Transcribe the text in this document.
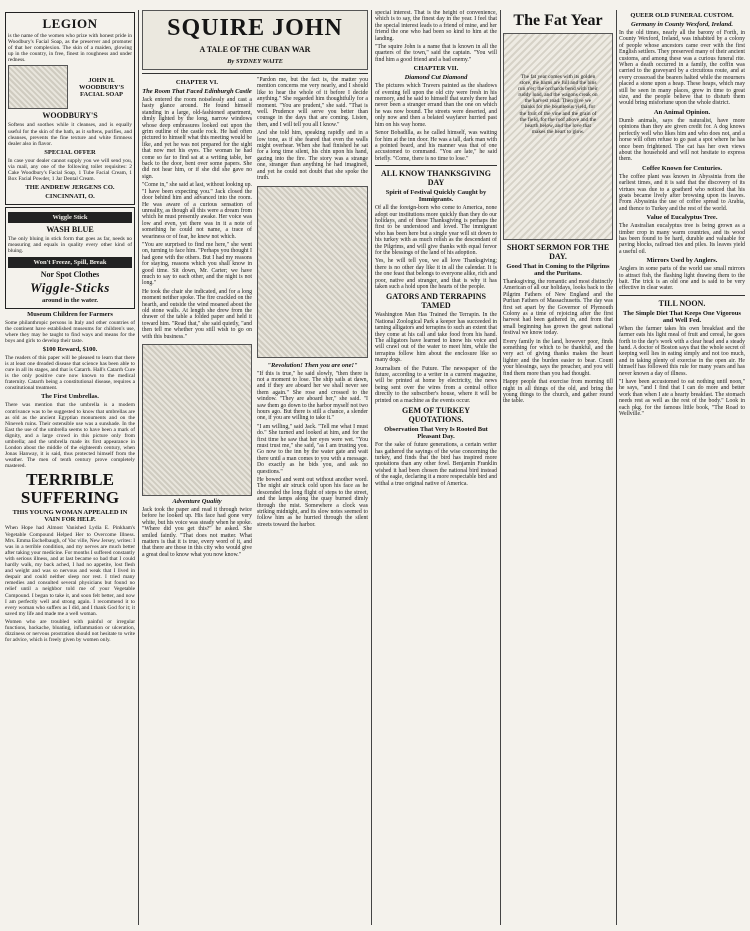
LEGION

is the name of the women who prize with honest pride in Woodbury's Facial Soap, as the preserver and promoter of that her complexion. The skin of a maiden, glowing up in the country, in free, finest in roughness and under redness.

JOHN H. WOODBURY'S FACIAL SOAP
WOODBURY'S

Softens and soothes while it cleanses, and is equally useful for the skin of the bath, as it softens, purifies, and cleanses, prevents the fine texture and white firmness dealer also in flavor.

SPECIAL OFFER

In case your dealer cannot supply you we will send you, via mail, any one of the following toilet requisites: 2 Cake Woodbury's Facial Soap, 1 Tube Facial Cream, 1 Box Facial Powder, 1 Jar Dental Cream.

THE ANDREW JERGENS CO.
CINCINNATI, O.
Wiggle Stick
WASH BLUE

The only bluing in stick form that goes as far, needs no measuring and equals in quality every other kind of bluing.

Won't Freeze, Spill, Break
Nor Spot Clothes
Wiggle-Sticks
around in the water.
Museum Children for Farmers

Some philanthropic persons in Italy and other countries of the continent have established museums for children's use, where they may be taught to find ways and means for the boys and girls to develop their taste.

$100 Reward, $100.

The readers of this paper will be pleased to learn that there is at least one dreaded disease that science has been able to cure in all its stages, and that is Catarrh. Hall's Catarrh Cure is the only positive cure now known to the medical fraternity. Catarrh being a constitutional disease, requires a constitutional treatment.

The First Umbrellas.

There was mention that the umbrella is a modern contrivance was to be suggested to know that umbrellas are as old as the ancient Egyptian monuments and on the Nineveh ruins. Their ostensible use was a sunshade. In the East the use of the umbrella seems to have been a mark of dignity, and a large crowd in this picture only from umbrella; and the umbrella made its first appearance in London about the middle of the eighteenth century, when Jonas Hanway, it is said, thus protected himself from the weather. The men of tenth century prove completely mastered.

TERRIBLE SUFFERING
THIS YOUNG WOMAN APPEALED IN VAIN FOR HELP.

When Hope had Almost Vanished Lydia E. Pinkham's Vegetable Compound Helped Her to Overcome Illness. Mrs. Emma Eschelbaugh, of Vac ville, New Jersey, writes: I was in a terrible condition, and my nerves are much better after taking your medicine. For months I suffered constantly with serious illness, and at last became so bad that I could hardly walk, my back ached, I had no appetite, lost flesh and weight and was so nervous and weak that I lived in despair and could neither sleep nor rest. I tried many remedies and consulted several physicians but found no relief until a neighbor told me of your Vegetable Compound. I began to take it, and soon felt better, and now I am perfectly well and strong again. I recommend it to every woman who suffers as I did, and I thank God for it; it saved my life and made me a well woman.

Women who are troubled with painful or irregular functions, backache, bloating, inflammation or ulceration, dizziness or nervous prostration should not hesitate to write for advice, which is freely given by women only.

SQUIRE JOHN
A TALE OF THE CUBAN WAR
By SYDNEY WAITE
CHAPTER VI.
The Room That Faced Edinburgh Castle

Jack entered the room noiselessly and cast a hasty glance around. He found himself standing in a large, old-fashioned apartment, dimly lighted by the long, narrow windows whose deep embrasures looked out upon the grim outline of the castle rock. He had often pictured to himself what this meeting would be like, and yet he was not prepared for the sight that now met his eyes. The woman he had come so far to find sat at a writing table, her back to the door, bent over some papers. She did not hear him, or if she did she gave no sign.

"Come in," she said at last, without looking up. "I have been expecting you." Jack closed the door behind him and advanced into the room. He was aware of a curious sensation of unreality, as though all this were a dream from which he must presently awake. Her voice was low and even, yet there was in it a note of something he could not name, a trace of weariness or of fear, he knew not which.

"You are surprised to find me here," she went on, turning to face him. "Perhaps you thought I had gone with the others. But I had my reasons for staying, reasons which you shall know in good time. Sit down, Mr. Carter; we have much to say to each other, and the night is not long."

He took the chair she indicated, and for a long moment neither spoke. The fire crackled on the hearth, and outside the wind moaned about the old stone walls. At length she drew from the drawer of the table a folded paper and held it toward him. "Read that," she said quietly, "and then tell me whether you still wish to go on with this business."

Adventure Quality

Jack took the paper and read it through twice before he looked up. His face had gone very white, but his voice was steady when he spoke. "Where did you get this?" he asked. She smiled faintly. "That does not matter. What matters is that it is true, every word of it, and that there are those in this city who would give a great deal to know what you now know."

"Pardon me, but the fact is, the matter you mention concerns me very nearly, and I should like to hear the whole of it before I decide anything." She regarded him thoughtfully for a moment. "You are prudent," she said. "That is well. Prudence will serve you better than courage in the days that are coming. Listen, then, and I will tell you all I know."

And she told him, speaking rapidly and in a low tone, as if she feared that even the walls might overhear. When she had finished he sat for a long time silent, his chin upon his hand, gazing into the fire. The story was a strange one, stranger than anything he had imagined, and yet he could not doubt that she spoke the truth.

"Revolution! Then you are one!"

"If this is true," he said slowly, "then there is not a moment to lose. The ship sails at dawn, and if they are aboard her we shall never see them again." She rose and crossed to the window. "They are aboard her," she said. "I saw them go down to the harbor myself not two hours ago. But there is still a chance, a slender one, if you are willing to take it."

"I am willing," said Jack. "Tell me what I must do." She turned and looked at him, and for the first time he saw that her eyes were wet. "You must trust me," she said, "as I am trusting you. Go now to the inn by the water gate and wait there until a man comes to you with a message. Do exactly as he bids you, and ask no questions."

He bowed and went out without another word. The night air struck cold upon his face as he descended the long flight of steps to the street, and the lamps along the quay burned dimly through the mist. Somewhere a clock was striking midnight, and its slow notes seemed to follow him as he hurried through the silent streets toward the harbor.

special interest. That is the height of convenience, which is to say, the finest day in the year. I feel that the special interest leads to a friend of mine, and her friend the one who had been so kind to him at the landing.

"The squire John is a name that is known in all the quarters of the town," said the captain. "You will find him a good friend and a bad enemy."

CHAPTER VII.
Diamond Cut Diamond

The pictures which Travers painted as the shadows of evening fell upon the old city were fresh in his memory, and he said to himself that surely there had never been a stranger errand than the one on which he was now bound. The streets were deserted, and only now and then a belated wayfarer hurried past him on his way home.

Senor Bobadilla, as he called himself, was waiting for him at the inn door. He was a tall, dark man with a pointed beard, and his manner was that of one accustomed to command. "You are late," he said briefly. "Come, there is no time to lose."

ALL KNOW THANKSGIVING DAY
Spirit of Festival Quickly Caught by Immigrants.

Of all the foreign-born who come to America, none adopt our institutions more quickly than they do our holidays, and of these Thanksgiving is perhaps the first to be understood and loved. The immigrant who has been here but a single year will sit down to his turkey with as much relish as the descendant of the Pilgrims, and will give thanks with equal fervor for the blessings of the land of his adoption.

Yes, he will tell you, we all love Thanksgiving; there is no other day like it in all the calendar. It is the one feast that belongs to everyone alike, rich and poor, native and stranger, and that is why it has taken such a hold upon the hearts of the people.

GATORS AND TERRAPINS TAMED

Washington Man Has Trained the Terrapin. In the National Zoological Park a keeper has succeeded in taming alligators and terrapins to such an extent that they come at his call and take food from his hand. The alligators have learned to know his voice and will crawl out of the water to meet him, while the terrapins follow him about the enclosure like so many dogs.

Journalism of the Future. The newspaper of the future, according to a writer in a current magazine, will be printed at home by electricity, the news being sent over the wires from a central office directly to the subscriber's house, where it will be printed on a machine as the events occur.

GEM OF TURKEY QUOTATIONS.
Observation That Very Is Rooted But Pleasant Day.

For the sake of future generations, a certain writer has gathered the sayings of the wise concerning the turkey, and finds that the bird has inspired more quotations than any other fowl. Benjamin Franklin wished it had been chosen the national bird instead of the eagle, declaring it a more respectable bird and withal a true original native of America.

The Fat Year

The fat year comes with its golden store, the barns are full and the bins run o'er; the orchards bend with their ruddy load, and the wagons creak on the harvest road. Then give we thanks for the bounteous yield, for the fruit of the vine and the grain of the field, for the roof above and the hearth below, and the love that makes the heart to glow.

SHORT SERMON FOR THE DAY.
Good That in Coming to the Pilgrims and the Puritans.

Thanksgiving, the romantic and most distinctly American of all our holidays, looks back to the Pilgrim Fathers of New England and the Puritan Fathers of Massachusetts. The day was first set apart by the Governor of Plymouth Colony as a time of rejoicing after the first harvest had been gathered in, and from that small beginning has grown the great national festival we know today.

Every family in the land, however poor, finds something for which to be thankful, and the very act of giving thanks makes the heart lighter and the burden easier to bear. Count your blessings, says the preacher, and you will find them more than you had thought.

Happy people that exercise from morning till night in all things of the old, and bring the young things to the church, and gather round the table.

QUEER OLD FUNERAL CUSTOM.
Germany in County Wexford, Ireland.

In the old times, nearly all the barony of Forth, in County Wexford, Ireland, was inhabited by a colony of people whose ancestors came over with the first English settlers. They preserved many of their ancient customs, and among these was a curious funeral rite. When a death occurred in a family, the coffin was carried to the graveyard by a circuitous route, and at every crossroad the bearers halted while the mourners placed a stone upon a heap. These heaps, which may still be seen in many places, grew in time to great size, and the people believe that to disturb them would bring misfortune upon the whole district.

An Animal Opinion.

Dumb animals, says the naturalist, have more opinions than they are given credit for. A dog knows perfectly well who likes him and who does not, and a horse will often refuse to go past a spot where he has once been frightened. The cat has her own views about the household and will not hesitate to express them.

Coffee Known for Centuries.

The coffee plant was known in Abyssinia from the earliest times, and it is said that the discovery of its virtues was due to a goatherd who noticed that his goats became lively after browsing upon its leaves. From Abyssinia the use of coffee spread to Arabia, and thence to Turkey and the rest of the world.

Value of Eucalyptus Tree.

The Australian eucalyptus tree is being grown as a timber crop in many warm countries, and its wood has been found to be hard, durable and valuable for paving blocks, railroad ties and piles. Its leaves yield a useful oil.

Mirrors Used by Anglers.

Anglers in some parts of the world use small mirrors to attract fish, the flashing light drawing them to the bait. The trick is an old one and is said to be very effective in clear water.

TILL NOON.
The Simple Diet That Keeps One Vigorous and Well Fed.

When the farmer takes his own breakfast and the farmer eats his light meal of fruit and cereal, he goes forth to the day's work with a clear head and a steady hand. A doctor of Boston says that the whole secret of keeping well lies in eating simply and not too much, and in taking plenty of exercise in the open air. He himself has followed this rule for many years and has never known a day of illness.

"I have been accustomed to eat nothing until noon," he says, "and I find that I can do more and better work than when I ate a hearty breakfast. The stomach needs rest as well as the rest of the body." Look in each pkg. for the famous little book, "The Road to Wellville."
